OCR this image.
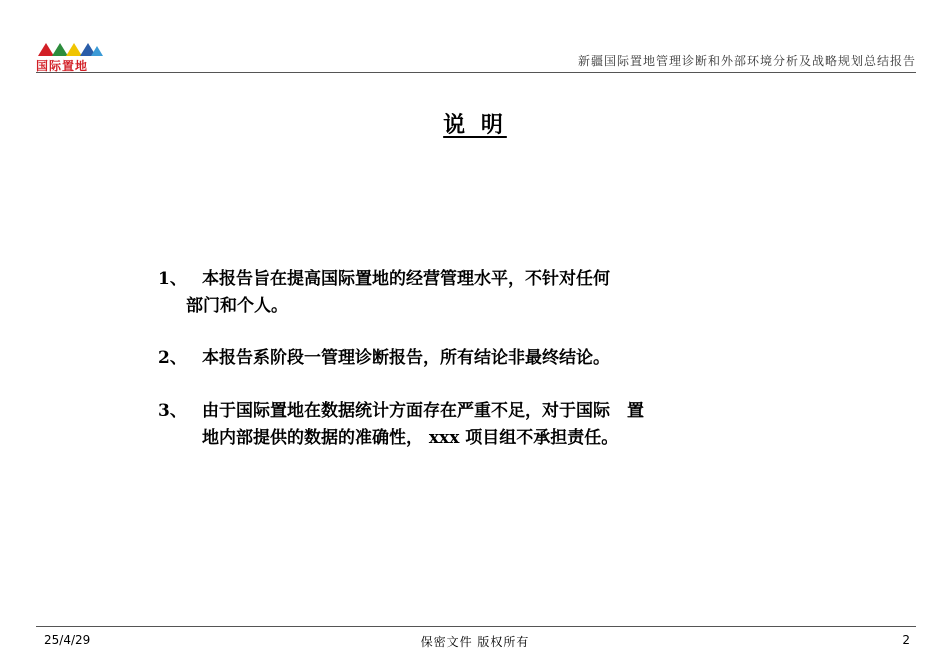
国际置地	新疆国际置地管理诊断和外部环境分析及战略规划总结报告
说 明
1、 本报告旨在提高国际置地的经营管理水平，不针对任何
部门和个人。
2、 本报告系阶段一管理诊断报告，所有结论非最终结论。
3、 由于国际置地在数据统计方面存在严重不足，对于国际　置
地内部提供的数据的准确性， xxx 项目组不承担责任。
25/4/29	保密文件 版权所有	2
